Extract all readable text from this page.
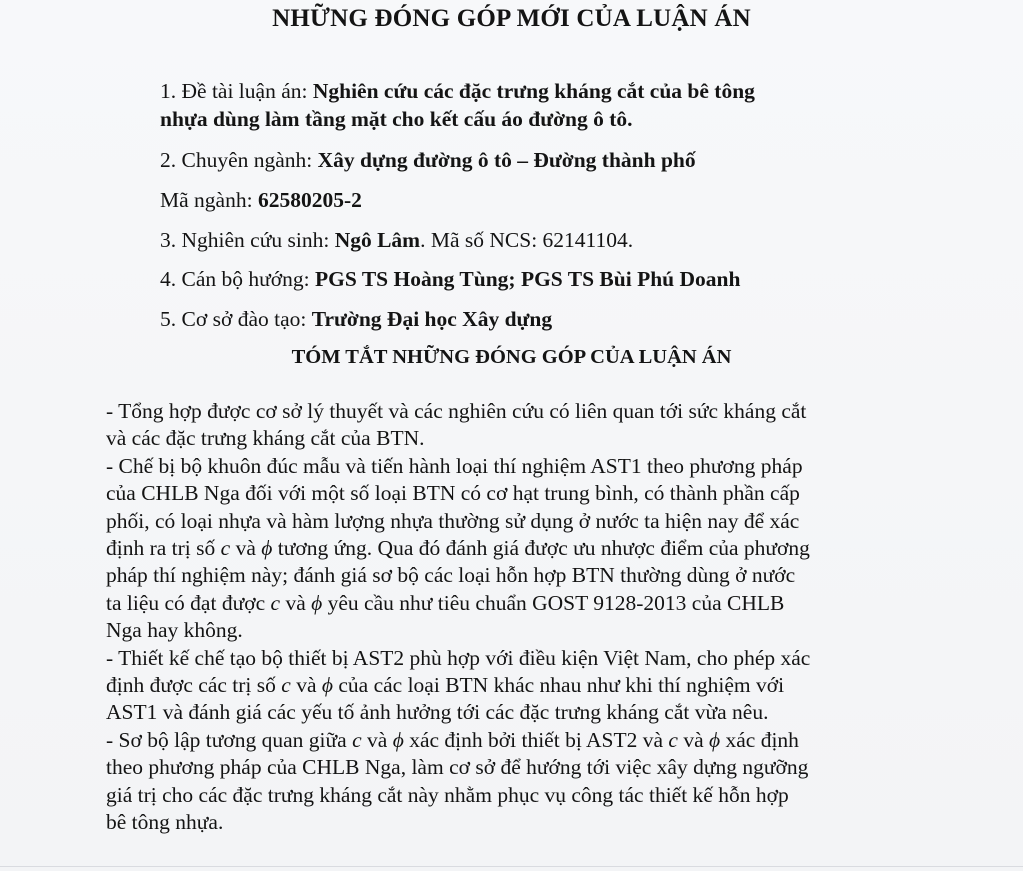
NHỮNG ĐÓNG GÓP MỚI CỦA LUẬN ÁN
1. Đề tài luận án: Nghiên cứu các đặc trưng kháng cắt của bê tông
nhựa dùng làm tầng mặt cho kết cấu áo đường ô tô.
2. Chuyên ngành: Xây dựng đường ô tô – Đường thành phố
Mã ngành: 62580205-2
3. Nghiên cứu sinh: Ngô Lâm. Mã số NCS: 62141104.
4. Cán bộ hướng: PGS TS Hoàng Tùng; PGS TS Bùi Phú Doanh
5. Cơ sở đào tạo: Trường Đại học Xây dựng
TÓM TẮT NHỮNG ĐÓNG GÓP CỦA LUẬN ÁN

- Tổng hợp được cơ sở lý thuyết và các nghiên cứu có liên quan tới sức kháng cắt
và các đặc trưng kháng cắt của BTN.

- Chế bị bộ khuôn đúc mẫu và tiến hành loại thí nghiệm AST1 theo phương pháp
của CHLB Nga đối với một số loại BTN có cơ hạt trung bình, có thành phần cấp
phối, có loại nhựa và hàm lượng nhựa thường sử dụng ở nước ta hiện nay để xác
định ra trị số c và ϕ tương ứng. Qua đó đánh giá được ưu nhược điểm của phương
pháp thí nghiệm này; đánh giá sơ bộ các loại hỗn hợp BTN thường dùng ở nước
ta liệu có đạt được c và ϕ yêu cầu như tiêu chuẩn GOST 9128-2013 của CHLB
Nga hay không.

- Thiết kế chế tạo bộ thiết bị AST2 phù hợp với điều kiện Việt Nam, cho phép xác
định được các trị số c và ϕ của các loại BTN khác nhau như khi thí nghiệm với
AST1 và đánh giá các yếu tố ảnh hưởng tới các đặc trưng kháng cắt vừa nêu.

- Sơ bộ lập tương quan giữa c và ϕ xác định bởi thiết bị AST2 và c và ϕ xác định
theo phương pháp của CHLB Nga, làm cơ sở để hướng tới việc xây dựng ngưỡng
giá trị cho các đặc trưng kháng cắt này nhằm phục vụ công tác thiết kế hỗn hợp
bê tông nhựa.
